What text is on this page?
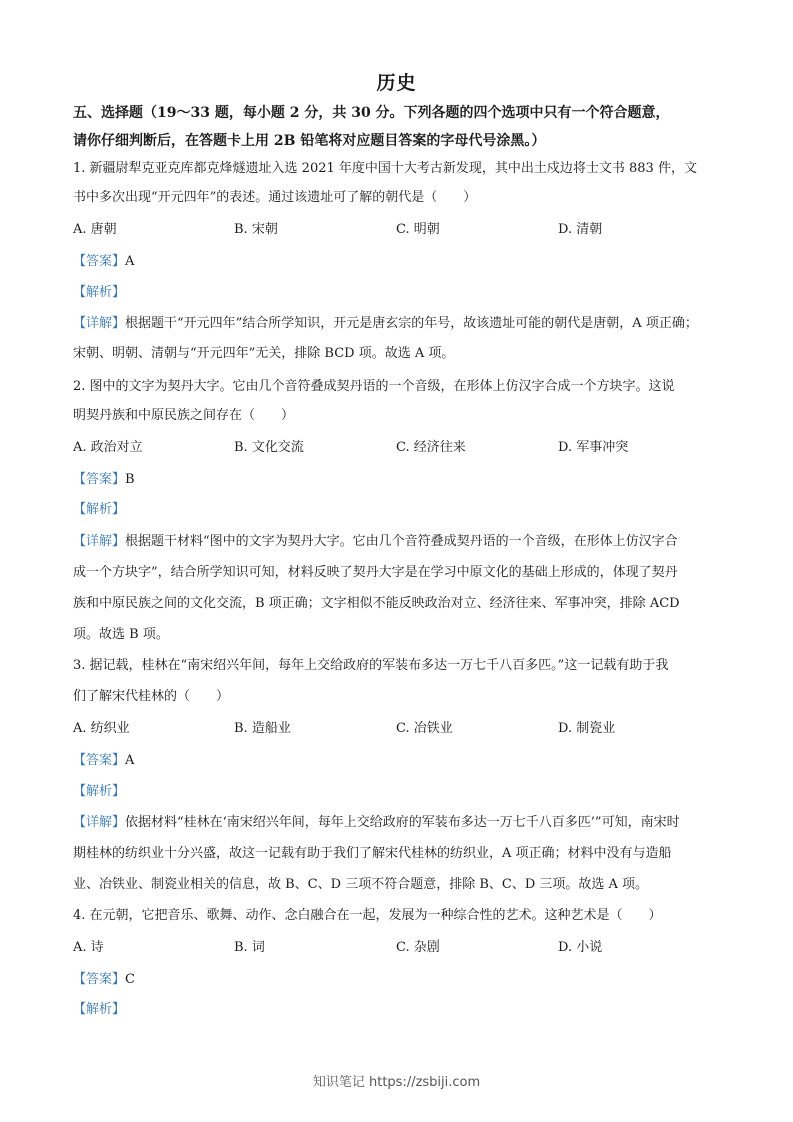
历史
五、选择题（19～33 题，每小题 2 分，共 30 分。下列各题的四个选项中只有一个符合题意，
请你仔细判断后，在答题卡上用 2B 铅笔将对应题目答案的字母代号涂黑。）
1. 新疆尉犁克亚克库都克烽燧遗址入选 2021 年度中国十大考古新发现，其中出土戍边将士文书 883 件，文
书中多次出现“开元四年”的表述。通过该遗址可了解的朝代是（　　）
A. 唐朝	B. 宋朝	C. 明朝	D. 清朝
【答案】A
【解析】
【详解】根据题干“开元四年”结合所学知识，开元是唐玄宗的年号，故该遗址可能的朝代是唐朝，A 项正确；
宋朝、明朝、清朝与“开元四年”无关，排除 BCD 项。故选 A 项。
2. 图中的文字为契丹大字。它由几个音符叠成契丹语的一个音级，在形体上仿汉字合成一个方块字。这说
明契丹族和中原民族之间存在（　　）
A. 政治对立	B. 文化交流	C. 经济往来	D. 军事冲突
【答案】B
【解析】
【详解】根据题干材料“图中的文字为契丹大字。它由几个音符叠成契丹语的一个音级，在形体上仿汉字合
成一个方块字”，结合所学知识可知，材料反映了契丹大字是在学习中原文化的基础上形成的，体现了契丹
族和中原民族之间的文化交流，B 项正确；文字相似不能反映政治对立、经济往来、军事冲突，排除 ACD
项。故选 B 项。
3. 据记载，桂林在“南宋绍兴年间，每年上交给政府的军装布多达一万七千八百多匹。”这一记载有助于我
们了解宋代桂林的（　　）
A. 纺织业	B. 造船业	C. 冶铁业	D. 制瓷业
【答案】A
【解析】
【详解】依据材料“桂林在‘南宋绍兴年间，每年上交给政府的军装布多达一万七千八百多匹’”可知，南宋时
期桂林的纺织业十分兴盛，故这一记载有助于我们了解宋代桂林的纺织业，A 项正确；材料中没有与造船
业、冶铁业、制瓷业相关的信息，故 B、C、D 三项不符合题意，排除 B、C、D 三项。故选 A 项。
4. 在元朝，它把音乐、歌舞、动作、念白融合在一起，发展为一种综合性的艺术。这种艺术是（　　）
A. 诗	B. 词	C. 杂剧	D. 小说
【答案】C
【解析】
知识笔记 https://zsbiji.com
